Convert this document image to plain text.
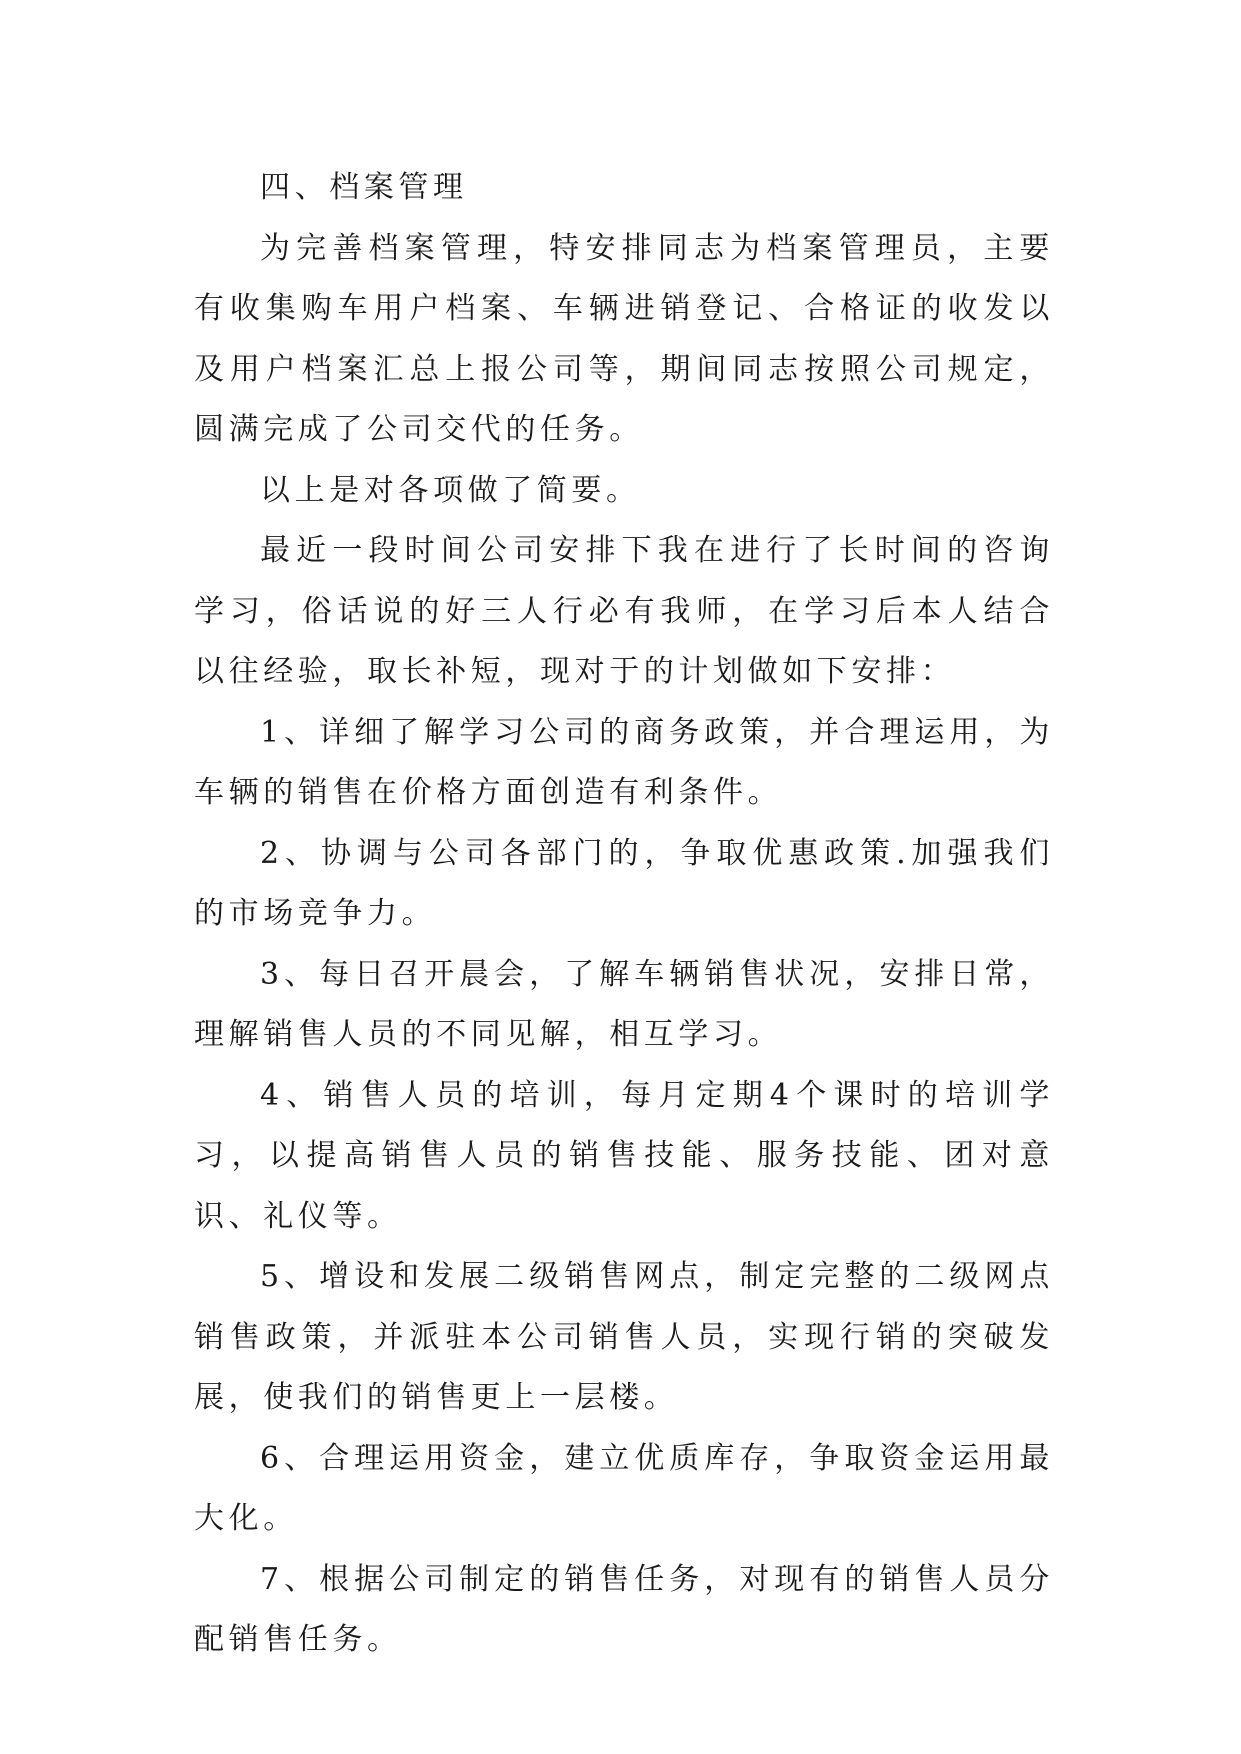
四、档案管理

为完善档案管理，特安排同志为档案管理员，主要有收集购车用户档案、车辆进销登记、合格证的收发以及用户档案汇总上报公司等，期间同志按照公司规定，圆满完成了公司交代的任务。

以上是对各项做了简要。

最近一段时间公司安排下我在进行了长时间的咨询学习，俗话说的好三人行必有我师，在学习后本人结合以往经验，取长补短，现对于的计划做如下安排：

1、详细了解学习公司的商务政策，并合理运用，为车辆的销售在价格方面创造有利条件。

2、协调与公司各部门的，争取优惠政策.加强我们的市场竞争力。

3、每日召开晨会，了解车辆销售状况，安排日常，理解销售人员的不同见解，相互学习。

4、销售人员的培训，每月定期4个课时的培训学习，以提高销售人员的销售技能、服务技能、团对意识、礼仪等。

5、增设和发展二级销售网点，制定完整的二级网点销售政策，并派驻本公司销售人员，实现行销的突破发展，使我们的销售更上一层楼。

6、合理运用资金，建立优质库存，争取资金运用最大化。

7、根据公司制定的销售任务，对现有的销售人员分配销售任务。
